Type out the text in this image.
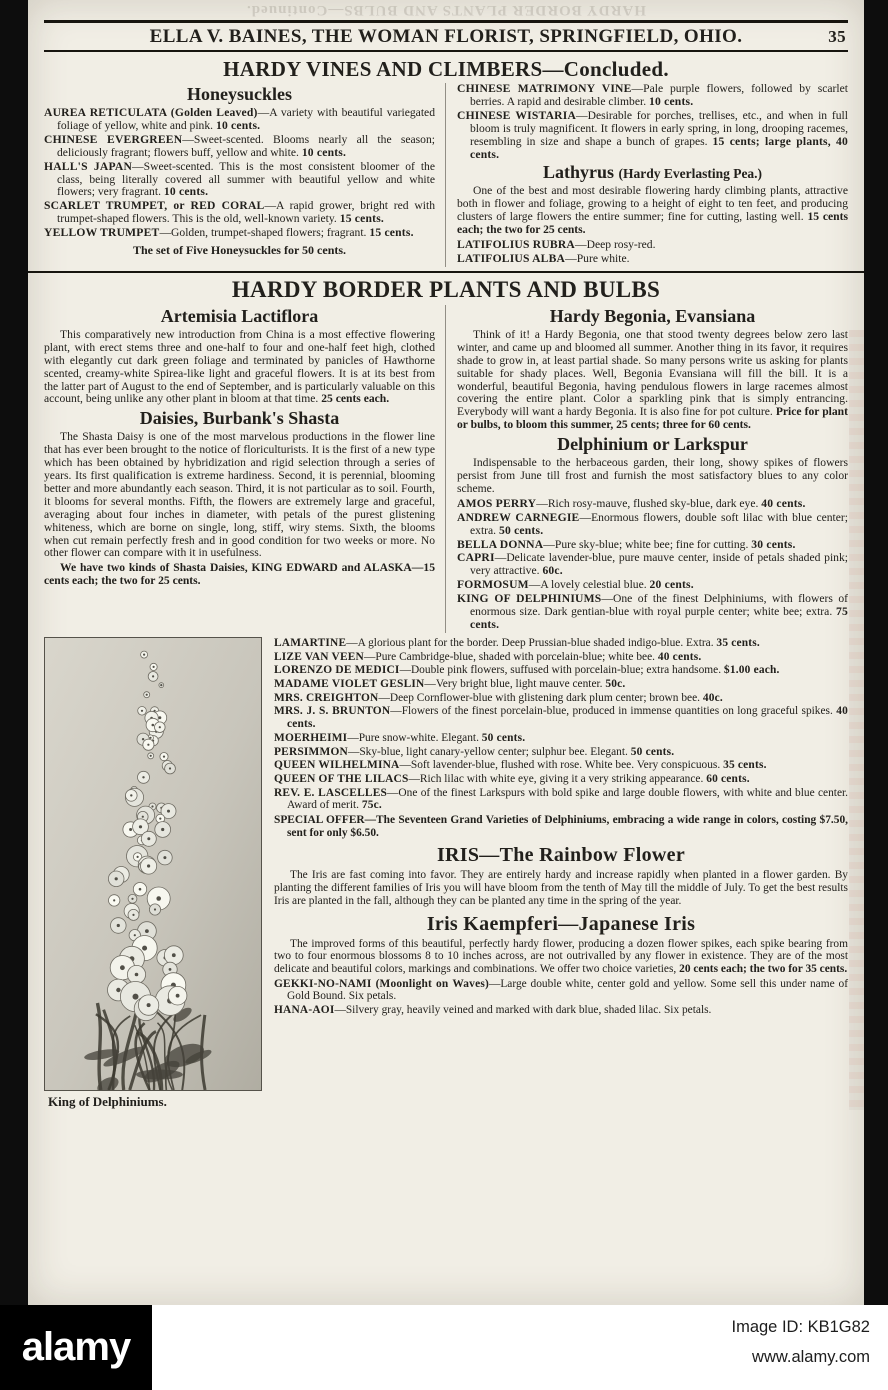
HARDY BORDER PLANTS AND BULBS—Continued.
ELLA V. BAINES, THE WOMAN FLORIST, SPRINGFIELD, OHIO.	35
HARDY VINES AND CLIMBERS—Concluded.
Honeysuckles

AUREA RETICULATA (Golden Leaved)—A variety with beautiful variegated foliage of yellow, white and pink. 10 cents.

CHINESE EVERGREEN—Sweet-scented. Blooms nearly all the season; deliciously fragrant; flowers buff, yellow and white. 10 cents.

HALL'S JAPAN—Sweet-scented. This is the most consistent bloomer of the class, being literally covered all summer with beautiful yellow and white flowers; very fragrant. 10 cents.

SCARLET TRUMPET, or RED CORAL—A rapid grower, bright red with trumpet-shaped flowers. This is the old, well-known variety. 15 cents.

YELLOW TRUMPET—Golden, trumpet-shaped flowers; fragrant. 15 cents.

The set of Five Honeysuckles for 50 cents.

CHINESE MATRIMONY VINE—Pale purple flowers, followed by scarlet berries. A rapid and desirable climber. 10 cents.

CHINESE WISTARIA—Desirable for porches, trellises, etc., and when in full bloom is truly magnificent. It flowers in early spring, in long, drooping racemes, resembling in size and shape a bunch of grapes. 15 cents; large plants, 40 cents.

Lathyrus (Hardy Everlasting Pea.)

One of the best and most desirable flowering hardy climbing plants, attractive both in flower and foliage, growing to a height of eight to ten feet, and producing clusters of large flowers the entire summer; fine for cutting, lasting well. 15 cents each; the two for 25 cents.

LATIFOLIUS RUBRA—Deep rosy-red.

LATIFOLIUS ALBA—Pure white.

HARDY BORDER PLANTS AND BULBS
Artemisia Lactiflora

This comparatively new introduction from China is a most effective flowering plant, with erect stems three and one-half to four and one-half feet high, clothed with elegantly cut dark green foliage and terminated by panicles of Hawthorne scented, creamy-white Spirea-like light and graceful flowers. It is at its best from the latter part of August to the end of September, and is particularly valuable on this account, being unlike any other plant in bloom at that time. 25 cents each.

Daisies, Burbank's Shasta

The Shasta Daisy is one of the most marvelous productions in the flower line that has ever been brought to the notice of floriculturists. It is the first of a new type which has been obtained by hybridization and rigid selection through a series of years. Its first qualification is extreme hardiness. Second, it is perennial, blooming better and more abundantly each season. Third, it is not particular as to soil. Fourth, it blooms for several months. Fifth, the flowers are extremely large and graceful, averaging about four inches in diameter, with petals of the purest glistening whiteness, which are borne on single, long, stiff, wiry stems. Sixth, the blooms when cut remain perfectly fresh and in good condition for two weeks or more. No other flower can compare with it in usefulness.

We have two kinds of Shasta Daisies, KING EDWARD and ALASKA—15 cents each; the two for 25 cents.

Hardy Begonia, Evansiana

Think of it! a Hardy Begonia, one that stood twenty degrees below zero last winter, and came up and bloomed all summer. Another thing in its favor, it requires shade to grow in, at least partial shade. So many persons write us asking for plants suitable for shady places. Well, Begonia Evansiana will fill the bill. It is a wonderful, beautiful Begonia, having pendulous flowers in large racemes almost covering the entire plant. Color a sparkling pink that is simply entrancing. Everybody will want a hardy Begonia. It is also fine for pot culture. Price for plant or bulbs, to bloom this summer, 25 cents; three for 60 cents.

Delphinium or Larkspur

Indispensable to the herbaceous garden, their long, showy spikes of flowers persist from June till frost and furnish the most satisfactory blues to any color scheme.

AMOS PERRY—Rich rosy-mauve, flushed sky-blue, dark eye. 40 cents.

ANDREW CARNEGIE—Enormous flowers, double soft lilac with blue center; extra. 50 cents.

BELLA DONNA—Pure sky-blue; white bee; fine for cutting. 30 cents.

CAPRI—Delicate lavender-blue, pure mauve center, inside of petals shaded pink; very attractive. 60c.

FORMOSUM—A lovely celestial blue. 20 cents.

KING OF DELPHINIUMS—One of the finest Delphiniums, with flowers of enormous size. Dark gentian-blue with royal purple center; white bee; extra. 75 cents.

King of Delphiniums.

LAMARTINE—A glorious plant for the border. Deep Prussian-blue shaded indigo-blue. Extra. 35 cents.

LIZE VAN VEEN—Pure Cambridge-blue, shaded with porcelain-blue; white bee. 40 cents.

LORENZO DE MEDICI—Double pink flowers, suffused with porcelain-blue; extra handsome. $1.00 each.

MADAME VIOLET GESLIN—Very bright blue, light mauve center. 50c.

MRS. CREIGHTON—Deep Cornflower-blue with glistening dark plum center; brown bee. 40c.

MRS. J. S. BRUNTON—Flowers of the finest porcelain-blue, produced in immense quantities on long graceful spikes. 40 cents.

MOERHEIMI—Pure snow-white. Elegant. 50 cents.

PERSIMMON—Sky-blue, light canary-yellow center; sulphur bee. Elegant. 50 cents.

QUEEN WILHELMINA—Soft lavender-blue, flushed with rose. White bee. Very conspicuous. 35 cents.

QUEEN OF THE LILACS—Rich lilac with white eye, giving it a very striking appearance. 60 cents.

REV. E. LASCELLES—One of the finest Larkspurs with bold spike and large double flowers, with white and blue center. Award of merit. 75c.

SPECIAL OFFER—The Seventeen Grand Varieties of Delphiniums, embracing a wide range in colors, costing $7.50, sent for only $6.50.

IRIS—The Rainbow Flower

The Iris are fast coming into favor. They are entirely hardy and increase rapidly when planted in a flower garden. By planting the different families of Iris you will have bloom from the tenth of May till the middle of July. To get the best results Iris are planted in the fall, although they can be planted any time in the spring of the year.

Iris Kaempferi—Japanese Iris

The improved forms of this beautiful, perfectly hardy flower, producing a dozen flower spikes, each spike bearing from two to four enormous blossoms 8 to 10 inches across, are not outrivalled by any flower in existence. They are of the most delicate and beautiful colors, markings and combinations. We offer two choice varieties, 20 cents each; the two for 35 cents.

GEKKI-NO-NAMI (Moonlight on Waves)—Large double white, center gold and yellow. Some sell this under name of Gold Bound. Six petals.

HANA-AOI—Silvery gray, heavily veined and marked with dark blue, shaded lilac. Six petals.

alamy	Image ID: KB1G82
www.alamy.com
